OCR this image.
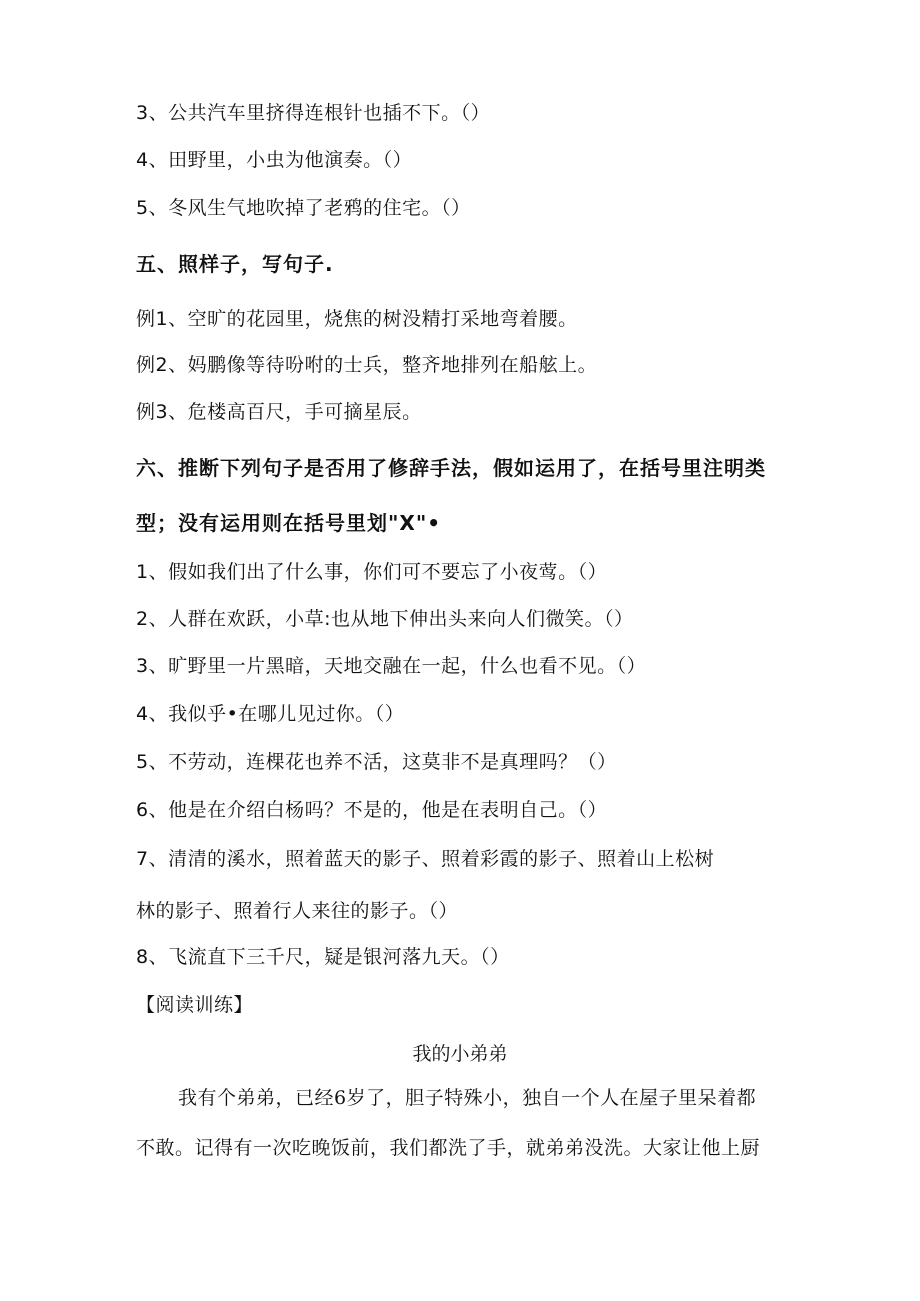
3、公共汽车里挤得连根针也插不下。（）
4、田野里，小虫为他演奏。（）
5、冬风生气地吹掉了老鸦的住宅。（）
五、照样子，写句子.
例1、空旷的花园里，烧焦的树没精打采地弯着腰。
例2、妈鹏像等待吩咐的士兵，整齐地排列在船舷上。
例3、危楼高百尺，手可摘星辰。
六、推断下列句子是否用了修辞手法，假如运用了，在括号里注明类
型；没有运用则在括号里划"X"•
1、假如我们出了什么事，你们可不要忘了小夜莺。（）
2、人群在欢跃，小草:也从地下伸出头来向人们微笑。（）
3、旷野里一片黑暗，天地交融在一起，什么也看不见。（）
4、我似乎•在哪儿见过你。（）
5、不劳动，连棵花也养不活，这莫非不是真理吗？（）
6、他是在介绍白杨吗？不是的，他是在表明自己。（）
7、清清的溪水，照着蓝天的影子、照着彩霞的影子、照着山上松树
林的影子、照着行人来往的影子。（）
8、飞流直下三千尺，疑是银河落九天。（）
【阅读训练】
我的小弟弟
我有个弟弟，已经6岁了，胆子特殊小，独自一个人在屋子里呆着都
不敢。记得有一次吃晚饭前，我们都洗了手，就弟弟没洗。大家让他上厨
